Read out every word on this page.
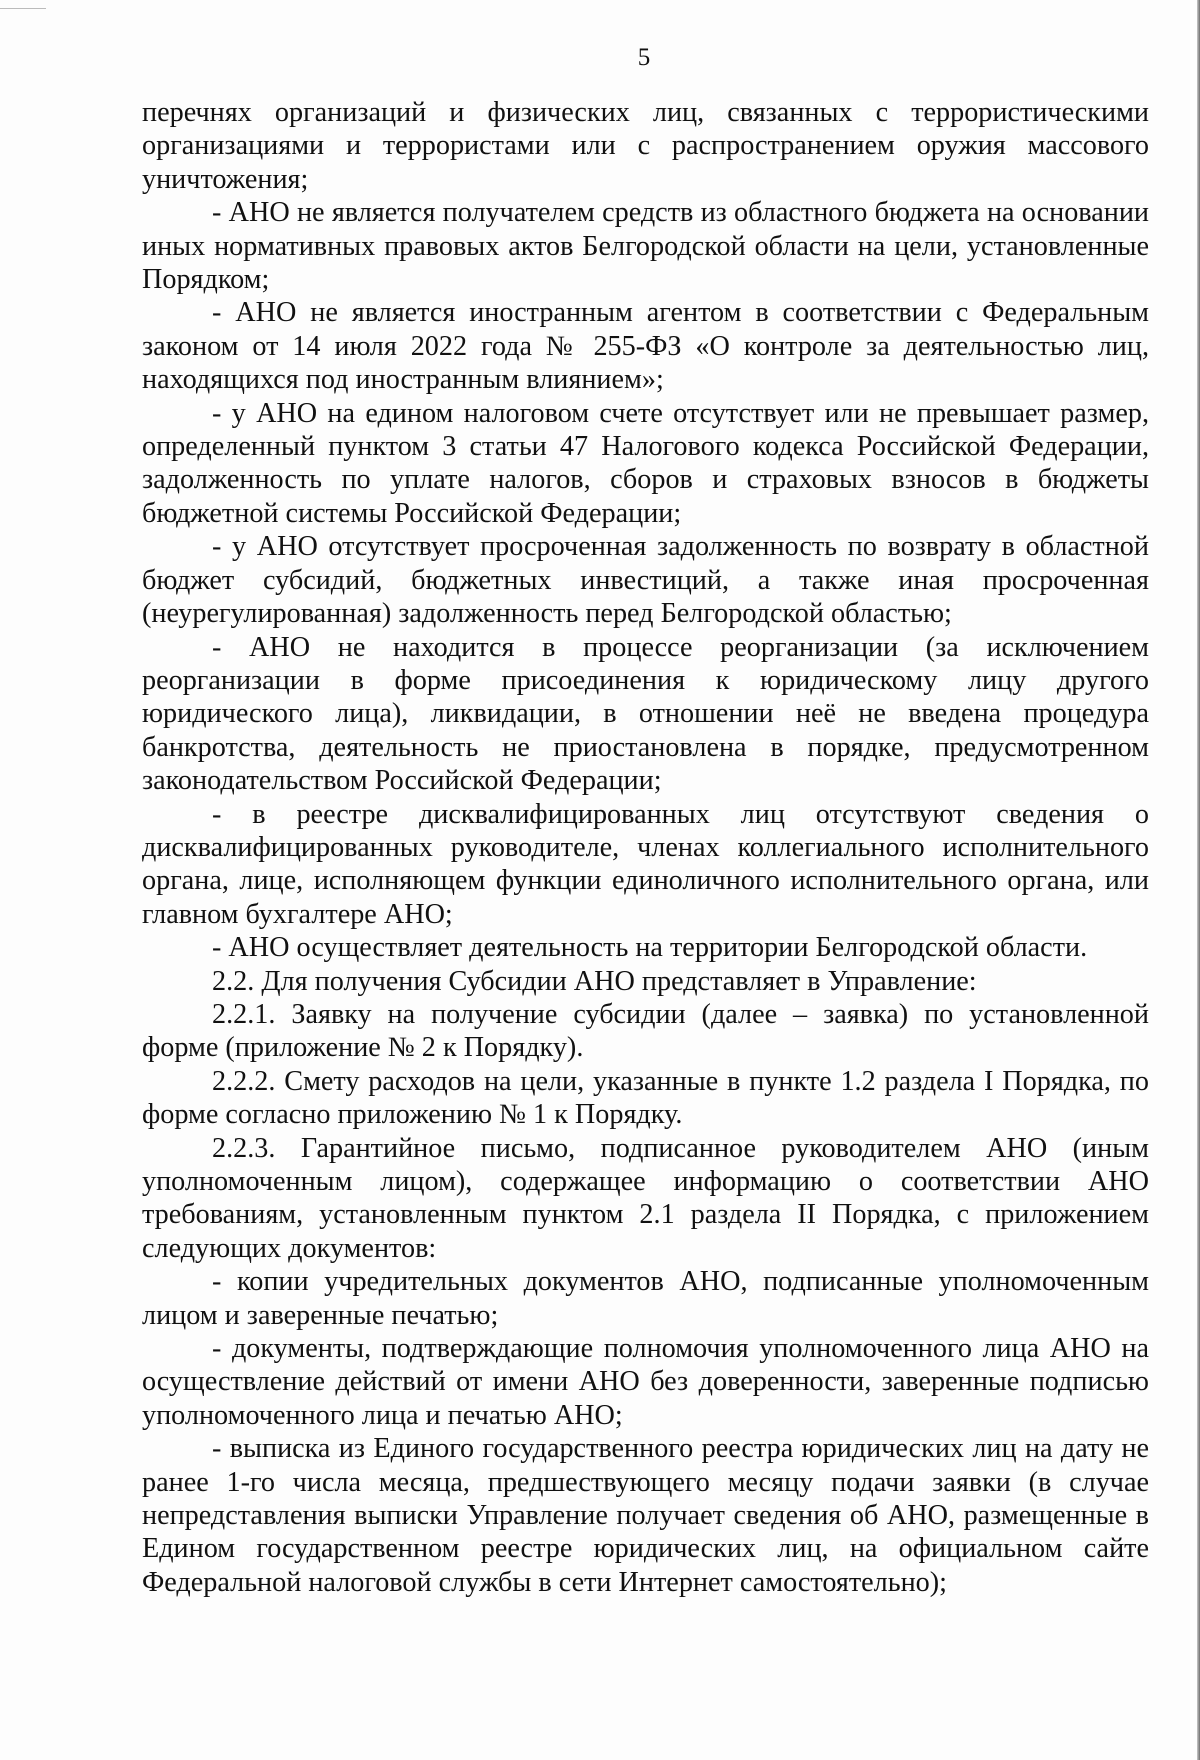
5

перечнях организаций и физических лиц, связанных с террористическими организациями и террористами или с распространением оружия массового уничтожения;

- АНО не является получателем средств из областного бюджета на основании иных нормативных правовых актов Белгородской области на цели, установленные Порядком;

- АНО не является иностранным агентом в соответствии с Федеральным законом от 14 июля 2022 года № 255-ФЗ «О контроле за деятельностью лиц, находящихся под иностранным влиянием»;

- у АНО на едином налоговом счете отсутствует или не превышает размер, определенный пунктом 3 статьи 47 Налогового кодекса Российской Федерации, задолженность по уплате налогов, сборов и страховых взносов в бюджеты бюджетной системы Российской Федерации;

- у АНО отсутствует просроченная задолженность по возврату в областной бюджет субсидий, бюджетных инвестиций, а также иная просроченная (неурегулированная) задолженность перед Белгородской областью;

- АНО не находится в процессе реорганизации (за исключением реорганизации в форме присоединения к юридическому лицу другого юридического лица), ликвидации, в отношении неё не введена процедура банкротства, деятельность не приостановлена в порядке, предусмотренном законодательством Российской Федерации;

- в реестре дисквалифицированных лиц отсутствуют сведения о дисквалифицированных руководителе, членах коллегиального исполнительного органа, лице, исполняющем функции единоличного исполнительного органа, или главном бухгалтере АНО;

- АНО осуществляет деятельность на территории Белгородской области.

2.2. Для получения Субсидии АНО представляет в Управление:

2.2.1. Заявку на получение субсидии (далее – заявка) по установленной форме (приложение № 2 к Порядку).

2.2.2. Смету расходов на цели, указанные в пункте 1.2 раздела I Порядка, по форме согласно приложению № 1 к Порядку.

2.2.3. Гарантийное письмо, подписанное руководителем АНО (иным уполномоченным лицом), содержащее информацию о соответствии АНО требованиям, установленным пунктом 2.1 раздела II Порядка, с приложением следующих документов:

- копии учредительных документов АНО, подписанные уполномоченным лицом и заверенные печатью;

- документы, подтверждающие полномочия уполномоченного лица АНО на осуществление действий от имени АНО без доверенности, заверенные подписью уполномоченного лица и печатью АНО;

- выписка из Единого государственного реестра юридических лиц на дату не ранее 1-го числа месяца, предшествующего месяцу подачи заявки (в случае непредставления выписки Управление получает сведения об АНО, размещенные в Едином государственном реестре юридических лиц, на официальном сайте Федеральной налоговой службы в сети Интернет самостоятельно);
